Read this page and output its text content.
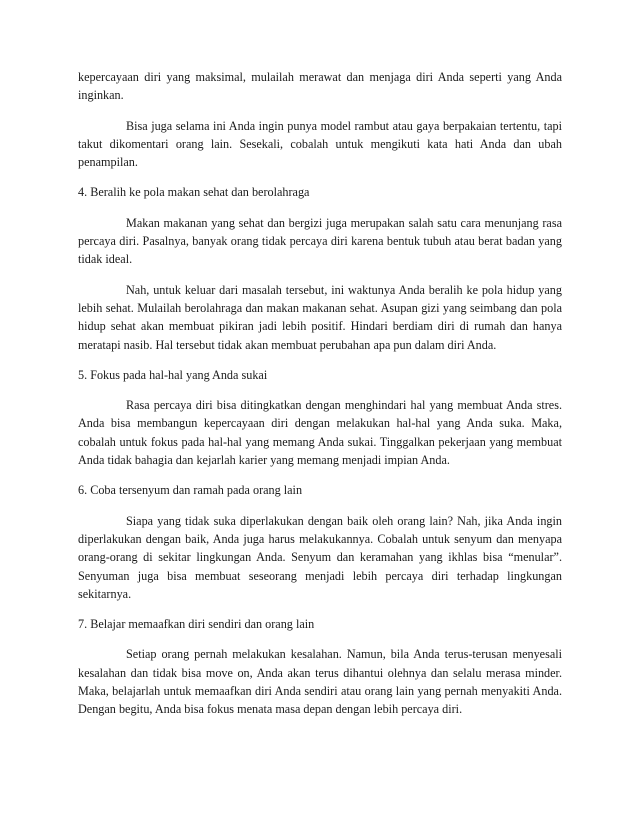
kepercayaan diri yang maksimal, mulailah merawat dan menjaga diri Anda seperti yang Anda inginkan.

Bisa juga selama ini Anda ingin punya model rambut atau gaya berpakaian tertentu, tapi takut dikomentari orang lain. Sesekali, cobalah untuk mengikuti kata hati Anda dan ubah penampilan.

4. Beralih ke pola makan sehat dan berolahraga

Makan makanan yang sehat dan bergizi juga merupakan salah satu cara menunjang rasa percaya diri. Pasalnya, banyak orang tidak percaya diri karena bentuk tubuh atau berat badan yang tidak ideal.

Nah, untuk keluar dari masalah tersebut, ini waktunya Anda beralih ke pola hidup yang lebih sehat. Mulailah berolahraga dan makan makanan sehat. Asupan gizi yang seimbang dan pola hidup sehat akan membuat pikiran jadi lebih positif. Hindari berdiam diri di rumah dan hanya meratapi nasib. Hal tersebut tidak akan membuat perubahan apa pun dalam diri Anda.

5. Fokus pada hal-hal yang Anda sukai

Rasa percaya diri bisa ditingkatkan dengan menghindari hal yang membuat Anda stres. Anda bisa membangun kepercayaan diri dengan melakukan hal-hal yang Anda suka. Maka, cobalah untuk fokus pada hal-hal yang memang Anda sukai. Tinggalkan pekerjaan yang membuat Anda tidak bahagia dan kejarlah karier yang memang menjadi impian Anda.

6. Coba tersenyum dan ramah pada orang lain

Siapa yang tidak suka diperlakukan dengan baik oleh orang lain? Nah, jika Anda ingin diperlakukan dengan baik, Anda juga harus melakukannya. Cobalah untuk senyum dan menyapa orang-orang di sekitar lingkungan Anda. Senyum dan keramahan yang ikhlas bisa “menular”. Senyuman juga bisa membuat seseorang menjadi lebih percaya diri terhadap lingkungan sekitarnya.

7. Belajar memaafkan diri sendiri dan orang lain

Setiap orang pernah melakukan kesalahan. Namun, bila Anda terus-terusan menyesali kesalahan dan tidak bisa move on, Anda akan terus dihantui olehnya dan selalu merasa minder. Maka, belajarlah untuk memaafkan diri Anda sendiri atau orang lain yang pernah menyakiti Anda. Dengan begitu, Anda bisa fokus menata masa depan dengan lebih percaya diri.
